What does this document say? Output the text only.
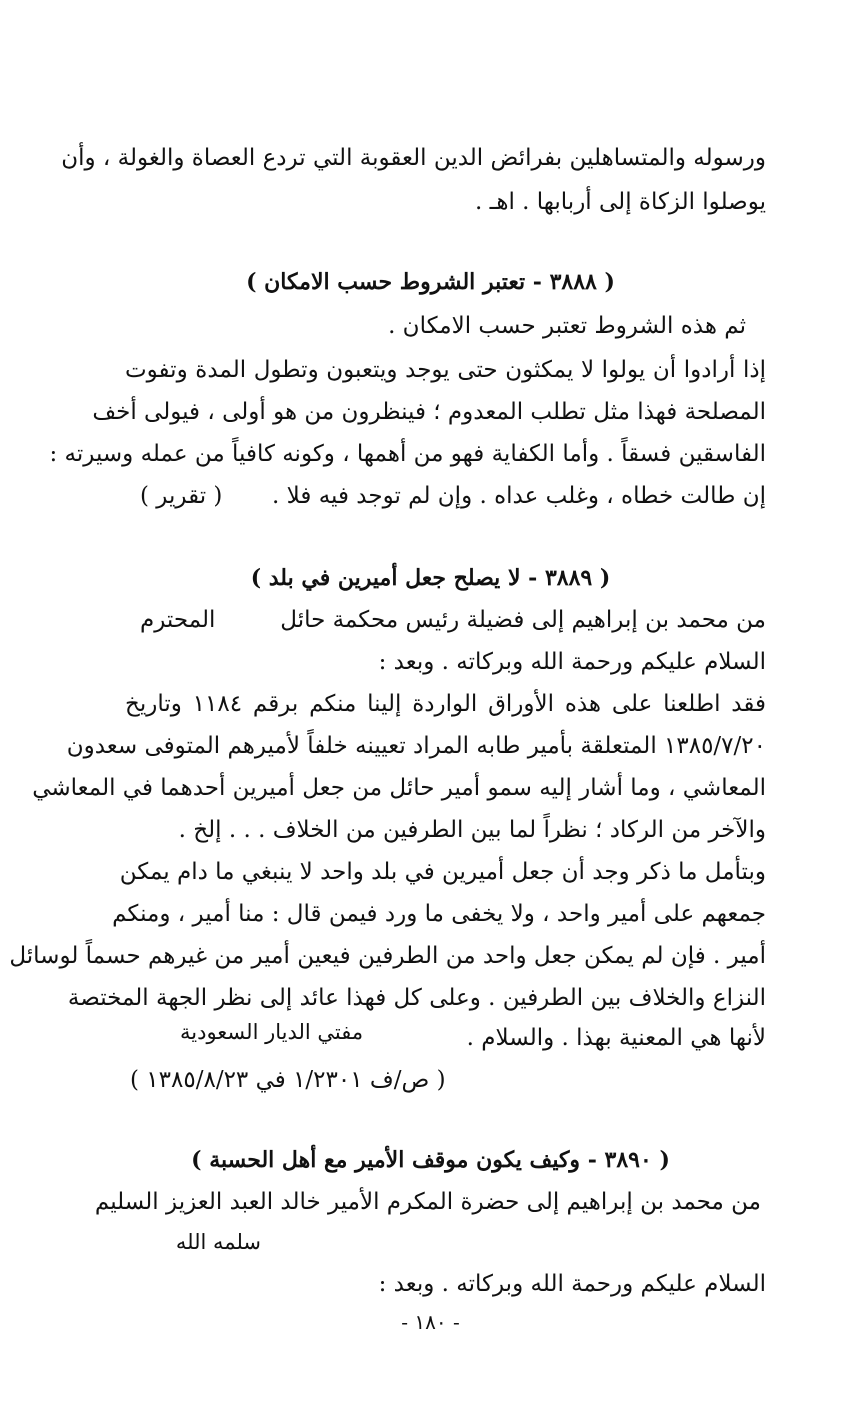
ورسوله والمتساهلين بفرائض الدين العقوبة التي تردع العصاة والغولة ، وأن
يوصلوا الزكاة إلى أربابها . اهـ .
( ٣٨٨٨ - تعتبر الشروط حسب الامكان )
ثم هذه الشروط تعتبر حسب الامكان .
إذا أرادوا أن يولوا لا يمكثون حتى يوجد ويتعبون وتطول المدة وتفوت
المصلحة فهذا مثل تطلب المعدوم ؛ فينظرون من هو أولى ، فيولى أخف
الفاسقين فسقاً . وأما الكفاية فهو من أهمها ، وكونه كافياً من عمله وسيرته :
إن طالت خطاه ، وغلب عداه . وإن لم توجد فيه فلا .
( تقرير )
( ٣٨٨٩ - لا يصلح جعل أميرين في بلد )
من محمد بن إبراهيم إلى فضيلة رئيس محكمة حائل
المحترم
السلام عليكم ورحمة الله وبركاته . وبعد :
فقد اطلعنا على هذه الأوراق الواردة إلينا منكم برقم ١١٨٤ وتاريخ
١٣٨٥/٧/٢٠ المتعلقة بأمير طابه المراد تعيينه خلفاً لأميرهم المتوفى سعدون
المعاشي ، وما أشار إليه سمو أمير حائل من جعل أميرين أحدهما في المعاشي
والآخر من الركاد ؛ نظراً لما بين الطرفين من الخلاف . . . إلخ .
وبتأمل ما ذكر وجد أن جعل أميرين في بلد واحد لا ينبغي ما دام يمكن
جمعهم على أمير واحد ، ولا يخفى ما ورد فيمن قال : منا أمير ، ومنكم
أمير . فإن لم يمكن جعل واحد من الطرفين فيعين أمير من غيرهم حسماً لوسائل
النزاع والخلاف بين الطرفين . وعلى كل فهذا عائد إلى نظر الجهة المختصة
لأنها هي المعنية بهذا . والسلام .
مفتي الديار السعودية
( ص/ف ١/٢٣٠١ في ١٣٨٥/٨/٢٣ )
( ٣٨٩٠ - وكيف يكون موقف الأمير مع أهل الحسبة )
من محمد بن إبراهيم إلى حضرة المكرم الأمير خالد العبد العزيز السليم
سلمه الله
السلام عليكم ورحمة الله وبركاته . وبعد :
- ١٨٠ -
